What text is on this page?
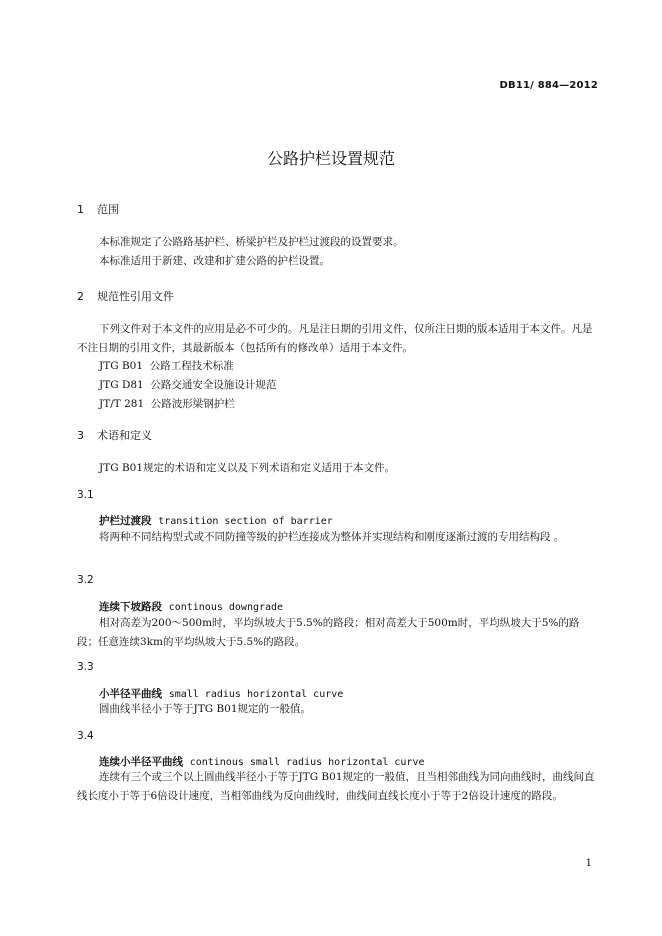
DB11/ 884—2012
公路护栏设置规范
1 范围
本标准规定了公路路基护栏、桥梁护栏及护栏过渡段的设置要求。
本标准适用于新建、改建和扩建公路的护栏设置。
2 规范性引用文件
下列文件对于本文件的应用是必不可少的。凡是注日期的引用文件，仅所注日期的版本适用于本文件。凡是不注日期的引用文件，其最新版本（包括所有的修改单）适用于本文件。
JTG B01  公路工程技术标准
JTG D81  公路交通安全设施设计规范
JT/T 281  公路波形梁钢护栏
3 术语和定义
JTG B01规定的术语和定义以及下列术语和定义适用于本文件。
3.1
护栏过渡段 transition section of barrier
将两种不同结构型式或不同防撞等级的护栏连接成为整体并实现结构和刚度逐渐过渡的专用结构段 。
3.2
连续下坡路段 continous downgrade
相对高差为200～500m时，平均纵坡大于5.5%的路段；相对高差大于500m时，平均纵坡大于5%的路段；任意连续3km的平均纵坡大于5.5%的路段。
3.3
小半径平曲线 small radius horizontal curve
圆曲线半径小于等于JTG B01规定的一般值。
3.4
连续小半径平曲线 continous small radius horizontal curve
连续有三个或三个以上圆曲线半径小于等于JTG B01规定的一般值，且当相邻曲线为同向曲线时，曲线间直线长度小于等于6倍设计速度，当相邻曲线为反向曲线时，曲线间直线长度小于等于2倍设计速度的路段。
1
